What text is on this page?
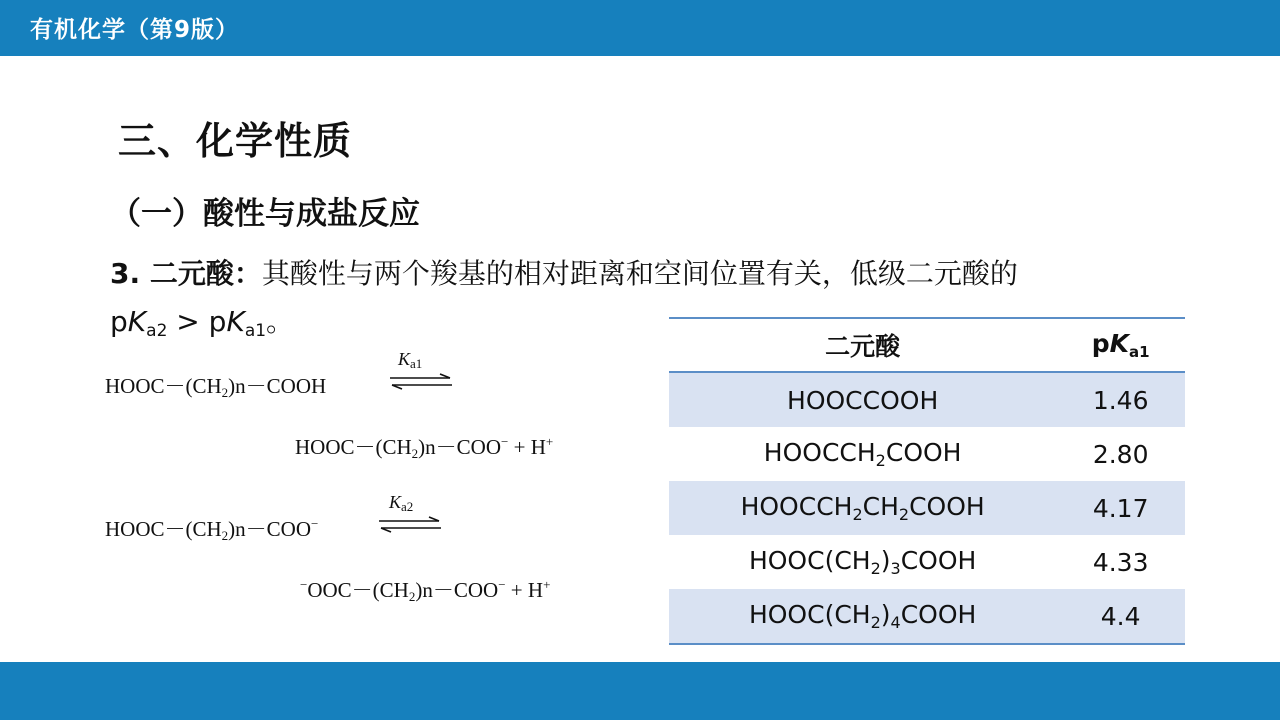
有机化学（第9版）
三、化学性质
（一）酸性与成盐反应
3. 二元酸：其酸性与两个羧基的相对距离和空间位置有关，低级二元酸的
$pK_{a2} > pK_{a1}$。
$HOOC-(CH_2)n-COOH$
$K_{a1}$
$HOOC-(CH_2)n-COO^- + H^+$
$HOOC-(CH_2)n-COO^-$
$K_{a2}$
$^-OOC-(CH_2)n-COO^- + H^+$
二元酸	$pK_{a1}$
HOOCCOOH	1.46
$HOOCCH_2COOH$	2.80
$HOOCCH_2CH_2COOH$	4.17
$HOOC(CH_2)_3COOH$	4.33
$HOOC(CH_2)_4COOH$	4.4
